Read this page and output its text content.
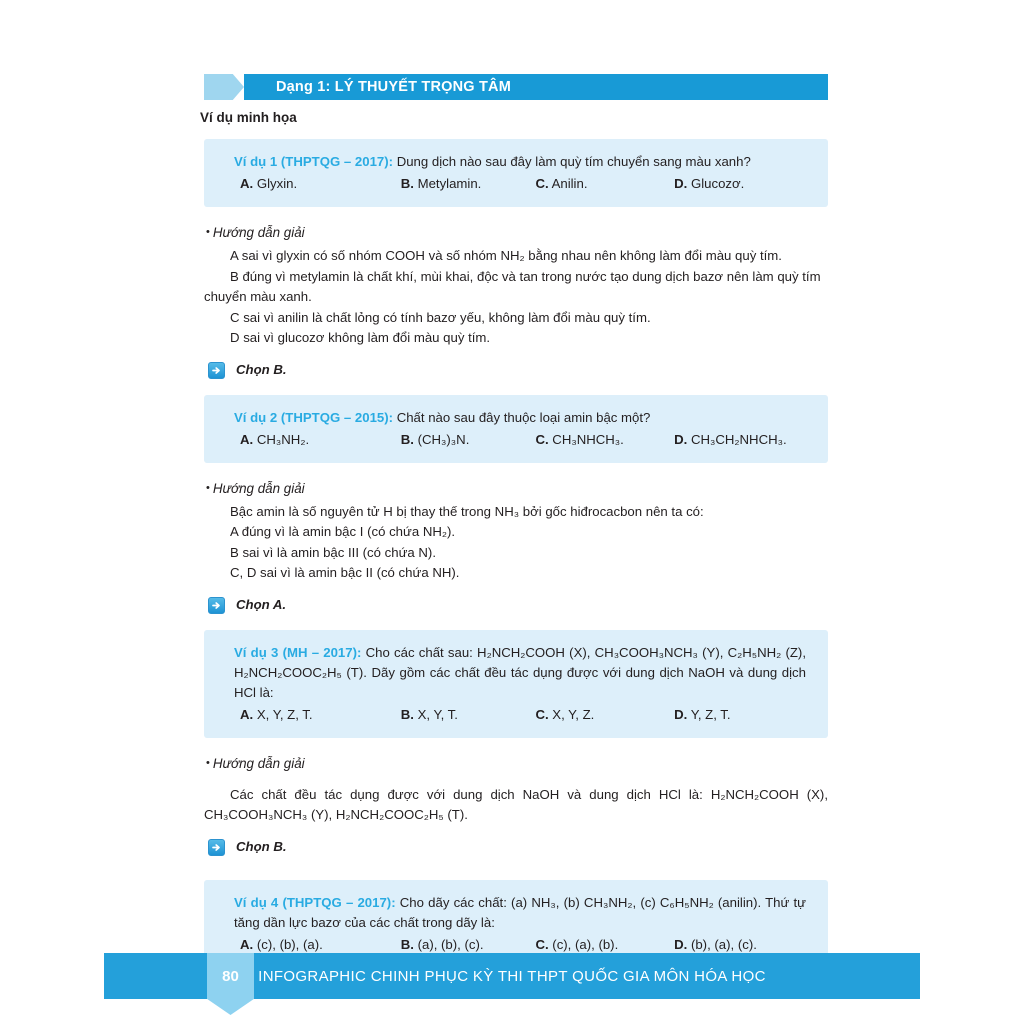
Dạng 1: LÝ THUYẾT TRỌNG TÂM
Ví dụ minh họa
Ví dụ 1 (THPTQG – 2017): Dung dịch nào sau đây làm quỳ tím chuyển sang màu xanh?
A. Glyxin.	B. Metylamin.	C. Anilin.	D. Glucozơ.
• Hướng dẫn giải

A sai vì glyxin có số nhóm COOH và số nhóm NH₂ bằng nhau nên không làm đổi màu quỳ tím.

B đúng vì metylamin là chất khí, mùi khai, độc và tan trong nước tạo dung dịch bazơ nên làm quỳ tím chuyển màu xanh.

C sai vì anilin là chất lỏng có tính bazơ yếu, không làm đổi màu quỳ tím.

D sai vì glucozơ không làm đổi màu quỳ tím.

Chọn B.
Ví dụ 2 (THPTQG – 2015): Chất nào sau đây thuộc loại amin bậc một?
A. CH₃NH₂.	B. (CH₃)₃N.	C. CH₃NHCH₃.	D. CH₃CH₂NHCH₃.
• Hướng dẫn giải

Bậc amin là số nguyên tử H bị thay thế trong NH₃ bởi gốc hiđrocacbon nên ta có:

A đúng vì là amin bậc I (có chứa NH₂).

B sai vì là amin bậc III (có chứa N).

C, D sai vì là amin bậc II (có chứa NH).

Chọn A.
Ví dụ 3 (MH – 2017): Cho các chất sau: H₂NCH₂COOH (X), CH₃COOH₃NCH₃ (Y), C₂H₅NH₂ (Z), H₂NCH₂COOC₂H₅ (T). Dãy gồm các chất đều tác dụng được với dung dịch NaOH và dung dịch HCl là:
A. X, Y, Z, T.	B. X, Y, T.	C. X, Y, Z.	D. Y, Z, T.
• Hướng dẫn giải

Các chất đều tác dụng được với dung dịch NaOH và dung dịch HCl là: H₂NCH₂COOH (X), CH₃COOH₃NCH₃ (Y), H₂NCH₂COOC₂H₅ (T).

Chọn B.
Ví dụ 4 (THPTQG – 2017): Cho dãy các chất: (a) NH₃, (b) CH₃NH₂, (c) C₆H₅NH₂ (anilin). Thứ tự tăng dần lực bazơ của các chất trong dãy là:
A. (c), (b), (a).	B. (a), (b), (c).	C. (c), (a), (b).	D. (b), (a), (c).
INFOGRAPHIC CHINH PHỤC KỲ THI THPT QUỐC GIA MÔN HÓA HỌC
80
